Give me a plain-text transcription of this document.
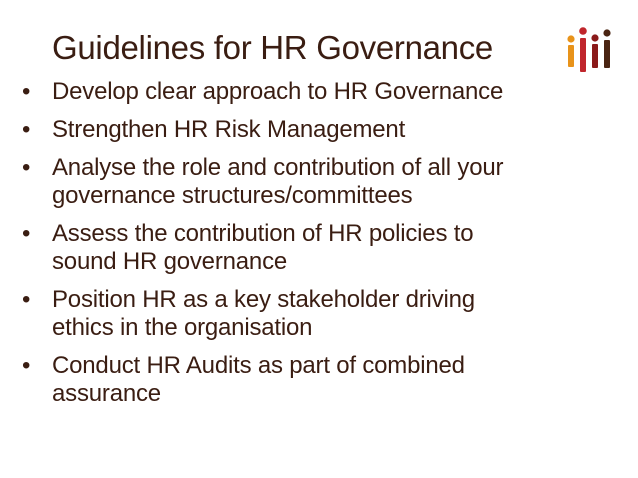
Guidelines for HR Governance
• Develop clear approach to HR Governance
• Strengthen HR Risk Management
• Analyse the role and contribution of all your
governance structures/committees
• Assess the contribution of HR policies to
sound HR governance
• Position HR as a key stakeholder driving
ethics in the organisation
• Conduct HR Audits as part of combined
assurance
